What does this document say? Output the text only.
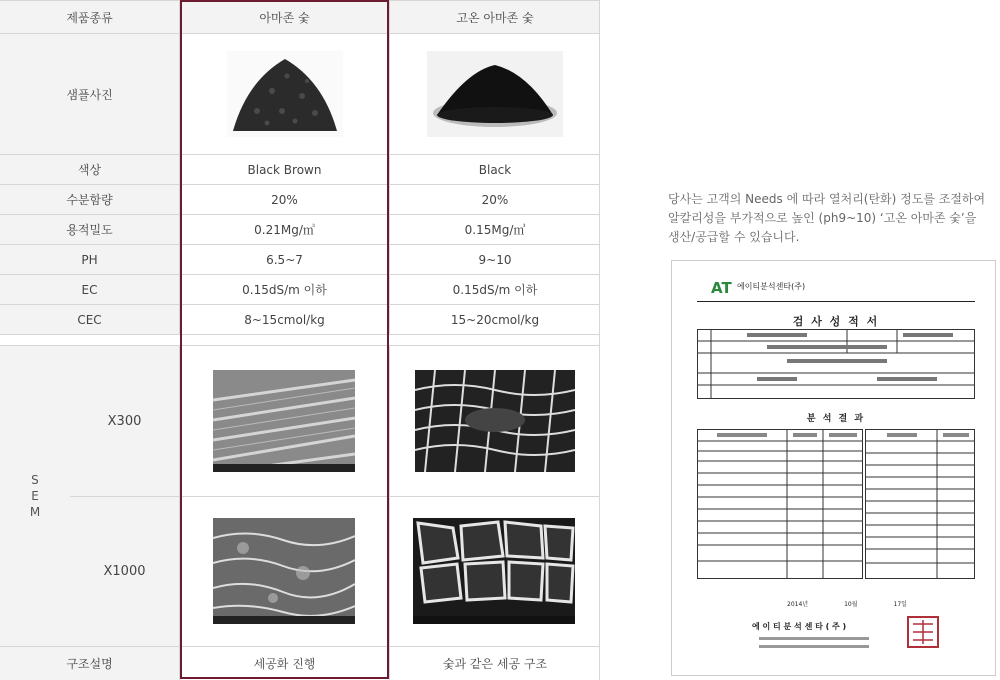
제품종류	아마존 숯	고온 아마존 숯
샘플사진
색상	Black Brown	Black
수분함량	20%	20%
용적밀도	0.21Mg/㎥	0.15Mg/㎥
PH	6.5~7	9~10
EC	0.15dS/m 이하	0.15dS/m 이하
CEC	8~15cmol/kg	15~20cmol/kg
S
E
M
X300
X1000
구조설명	세공화 진행	숯과 같은 세공 구조
당사는 고객의 Needs 에 따라 열처리(탄화) 정도를 조절하여 알칼리성을 부가적으로 높인 (ph9~10) ‘고온 아마존 숯’을 생산/공급할 수 있습니다.
AT 에이티분석센타(주)
검 사 성 적 서
분 석 결 과
2014년	10월	17일
에 이 티 분 석 센 타 ( 주 )
